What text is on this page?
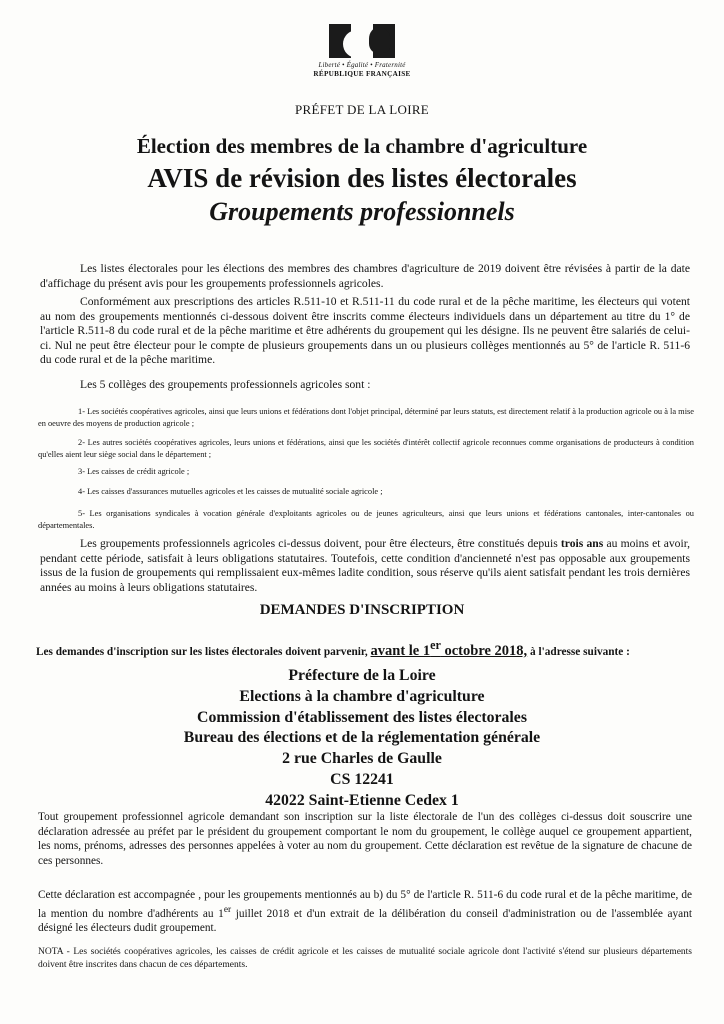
Liberté • Égalité • Fraternité
RÉPUBLIQUE FRANÇAISE
PRÉFET DE LA LOIRE
Élection des membres de la chambre d'agriculture
AVIS de révision des listes électorales
Groupements professionnels

Les listes électorales pour les élections des membres des chambres d'agriculture de 2019 doivent être révisées à partir de la date d'affichage du présent avis pour les groupements professionnels agricoles.

Conformément aux prescriptions des articles R.511-10 et R.511-11 du code rural et de la pêche maritime, les électeurs qui votent au nom des groupements mentionnés ci-dessous doivent être inscrits comme électeurs individuels dans un département au titre du 1° de l'article R.511-8 du code rural et de la pêche maritime et être adhérents du groupement qui les désigne. Ils ne peuvent être salariés de celui-ci. Nul ne peut être électeur pour le compte de plusieurs groupements dans un ou plusieurs collèges mentionnés au 5° de l'article R. 511-6 du code rural et de la pêche maritime.

Les 5 collèges des groupements professionnels agricoles sont :

1- Les sociétés coopératives agricoles, ainsi que leurs unions et fédérations dont l'objet principal, déterminé par leurs statuts, est directement relatif à la production agricole ou à la mise en oeuvre des moyens de production agricole ;

2- Les autres sociétés coopératives agricoles, leurs unions et fédérations, ainsi que les sociétés d'intérêt collectif agricole reconnues comme organisations de producteurs à condition qu'elles aient leur siège social dans le département ;

3- Les caisses de crédit agricole ;

4- Les caisses d'assurances mutuelles agricoles et les caisses de mutualité sociale agricole ;

5- Les organisations syndicales à vocation générale d'exploitants agricoles ou de jeunes agriculteurs, ainsi que leurs unions et fédérations cantonales, inter-cantonales ou départementales.

Les groupements professionnels agricoles ci-dessus doivent, pour être électeurs, être constitués depuis trois ans au moins et avoir, pendant cette période, satisfait à leurs obligations statutaires. Toutefois, cette condition d'ancienneté n'est pas opposable aux groupements issus de la fusion de groupements qui remplissaient eux-mêmes ladite condition, sous réserve qu'ils aient satisfait pendant les trois dernières années au moins à leurs obligations statutaires.

DEMANDES D'INSCRIPTION
Les demandes d'inscription sur les listes électorales doivent parvenir, avant le 1er octobre 2018, à l'adresse suivante :
Préfecture de la Loire
Elections à la chambre d'agriculture
Commission d'établissement des listes électorales
Bureau des élections et de la réglementation générale
2 rue Charles de Gaulle
CS 12241
42022 Saint-Etienne Cedex 1

Tout groupement professionnel agricole demandant son inscription sur la liste électorale de l'un des collèges ci-dessus doit souscrire une déclaration adressée au préfet par le président du groupement comportant le nom du groupement, le collège auquel ce groupement appartient, les noms, prénoms, adresses des personnes appelées à voter au nom du groupement. Cette déclaration est revêtue de la signature de chacune de ces personnes.

Cette déclaration est accompagnée , pour les groupements mentionnés au b) du 5° de l'article R. 511-6 du code rural et de la pêche maritime, de la mention du nombre d'adhérents au 1er juillet 2018 et d'un extrait de la délibération du conseil d'administration ou de l'assemblée ayant désigné les électeurs dudit groupement.

NOTA - Les sociétés coopératives agricoles, les caisses de crédit agricole et les caisses de mutualité sociale agricole dont l'activité s'étend sur plusieurs départements doivent être inscrites dans chacun de ces départements.
